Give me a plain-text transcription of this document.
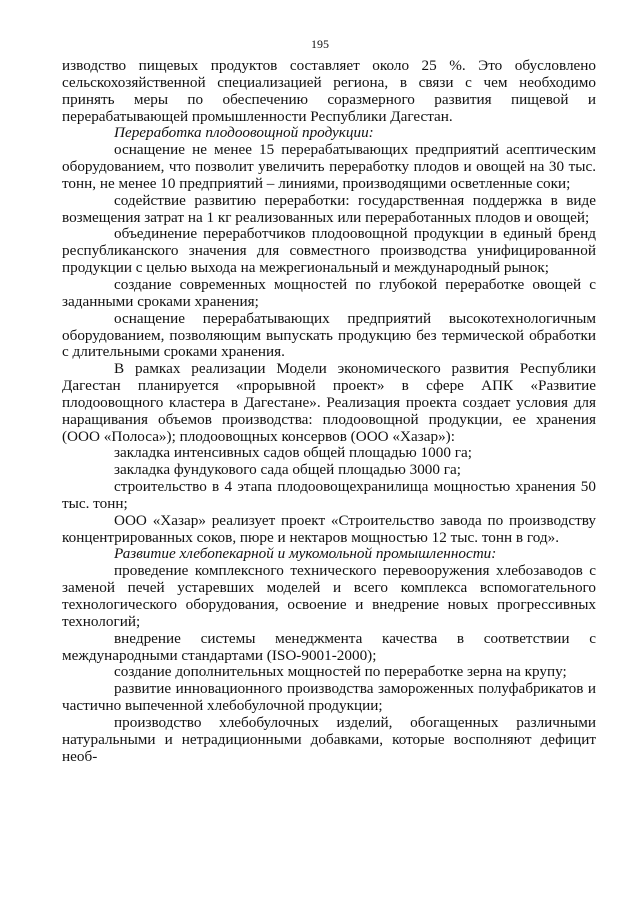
195

изводство пищевых продуктов составляет около 25 %. Это обусловлено сельскохозяйственной специализацией региона, в связи с чем необходимо принять меры по обеспечению соразмерного развития пищевой и перерабатывающей промышленности Республики Дагестан.

Переработка плодоовощной продукции:

оснащение не менее 15 перерабатывающих предприятий асептическим оборудованием, что позволит увеличить переработку плодов и овощей на 30 тыс. тонн, не менее 10 предприятий – линиями, производящими осветленные соки;

содействие развитию переработки: государственная поддержка в виде возмещения затрат на 1 кг реализованных или переработанных плодов и овощей;

объединение переработчиков плодоовощной продукции в единый бренд республиканского значения для совместного производства унифицированной продукции с целью выхода на межрегиональный и международный рынок;

создание современных мощностей по глубокой переработке овощей с заданными сроками хранения;

оснащение перерабатывающих предприятий высокотехнологичным оборудованием, позволяющим выпускать продукцию без термической обработки с длительными сроками хранения.

В рамках реализации Модели экономического развития Республики Дагестан планируется «прорывной проект» в сфере АПК «Развитие плодоовощного кластера в Дагестане». Реализация проекта создает условия для наращивания объемов производства: плодоовощной продукции, ее хранения (ООО «Полоса»); плодоовощных консервов (ООО «Хазар»):

закладка интенсивных садов общей площадью 1000 га;

закладка фундукового сада общей площадью 3000 га;

строительство в 4 этапа плодоовощехранилища мощностью хранения 50 тыс. тонн;

ООО «Хазар» реализует проект «Строительство завода по производству концентрированных соков, пюре и нектаров мощностью 12 тыс. тонн в год».

Развитие хлебопекарной и мукомольной промышленности:

проведение комплексного технического перевооружения хлебозаводов с заменой печей устаревших моделей и всего комплекса вспомогательного технологического оборудования, освоение и внедрение новых прогрессивных технологий;

внедрение системы менеджмента качества в соответствии с международными стандартами (ISO-9001-2000);

создание дополнительных мощностей по переработке зерна на крупу;

развитие инновационного производства замороженных полуфабрикатов и частично выпеченной хлебобулочной продукции;

производство хлебобулочных изделий, обогащенных различными натуральными и нетрадиционными добавками, которые восполняют дефицит необ-
